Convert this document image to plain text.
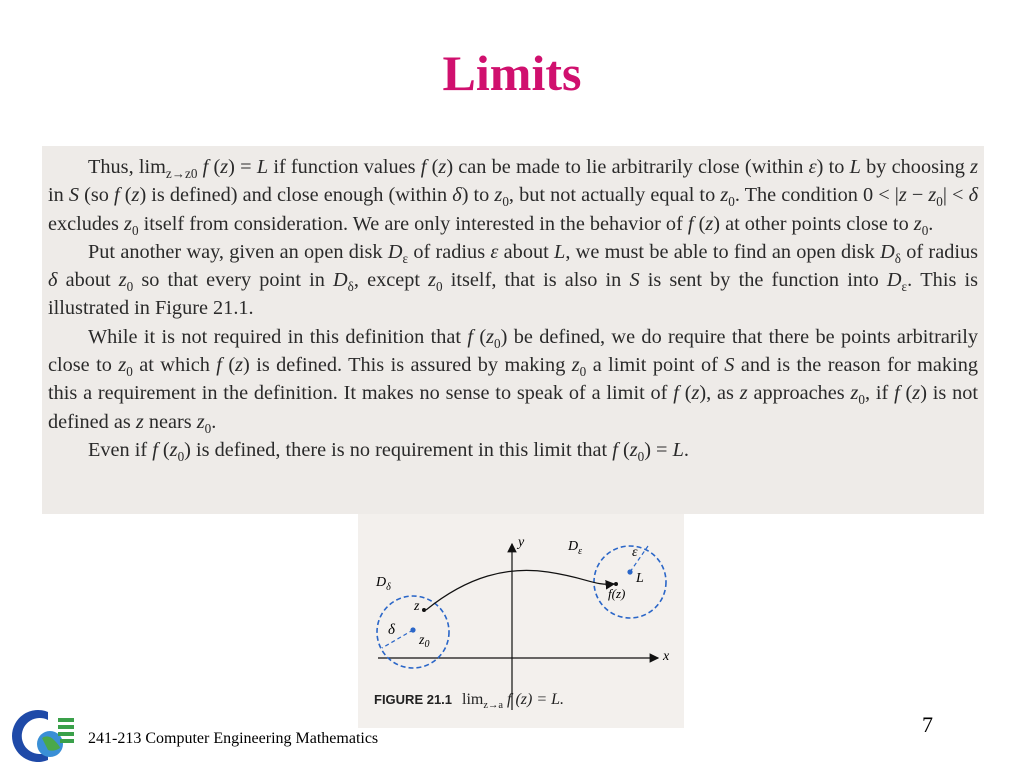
Limits

Thus, $\lim_{z\to z0} f$ (z) = L if function values f (z) can be made to lie arbitrarily close (within ε) to L by choosing z in S (so f (z) is defined) and close enough (within δ) to $z_0$, but not actually equal to $z_0$. The condition $0 < |z - z_0| < \delta$ excludes $z_0$ itself from consideration. We are only interested in the behavior of f (z) at other points close to $z_0$.

Put another way, given an open disk $D_\varepsilon$ of radius ε about L, we must be able to find an open disk $D_\delta$ of radius δ about $z_0$ so that every point in $D_\delta$, except $z_0$ itself, that is also in S is sent by the function into $D_\varepsilon$. This is illustrated in Figure 21.1.

While it is not required in this definition that f $(z_0)$ be defined, we do require that there be points arbitrarily close to $z_0$ at which f (z) is defined. This is assured by making $z_0$ a limit point of S and is the reason for making this a requirement in the definition. It makes no sense to speak of a limit of f (z), as z approaches $z_0$, if f (z) is not defined as z nears $z_0$.

Even if f $(z_0)$ is defined, there is no requirement in this limit that f $(z_0) = L$.

x
y
$D_\delta$
$D_\varepsilon$
δ
ε
z
$z_0$
L
f(z)
FIGURE 21.1 $\lim_{z\to a} f$ (z) = L.
241-213 Computer Engineering Mathematics
7
